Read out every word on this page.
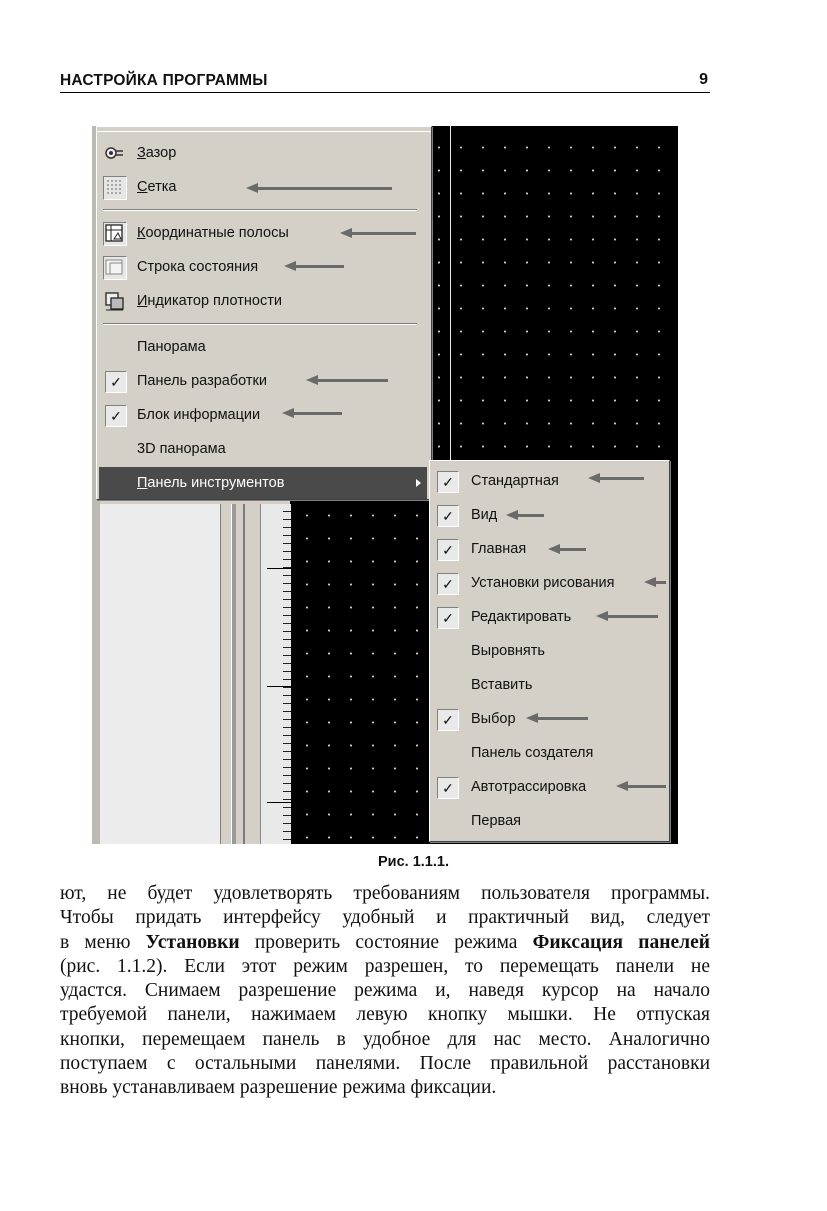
НАСТРОЙКА ПРОГРАММЫ	9
Зазор
Сетка
Координатные полосы
Строка состояния
Индикатор плотности
Панорама
✓	Панель разработки
✓	Блок информации
3D панорама
Панель инструментов	✓	Стандартная
✓	Вид
✓	Главная
✓	Установки рисования
✓	Редактировать
Выровнять
Вставить
✓	Выбор
Панель создателя
✓	Автотрассировка
Первая
Рис. 1.1.1.
ют, не будет удовлетворять требованиям пользователя программы.
Чтобы придать интерфейсу удобный и практичный вид, следует
в меню Установки проверить состояние режима Фиксация панелей
(рис. 1.1.2). Если этот режим разрешен, то перемещать панели не
удастся. Снимаем разрешение режима и, наведя курсор на начало
требуемой панели, нажимаем левую кнопку мышки. Не отпуская
кнопки, перемещаем панель в удобное для нас место. Аналогично
поступаем с остальными панелями. После правильной расстановки
вновь устанавливаем разрешение режима фиксации.
